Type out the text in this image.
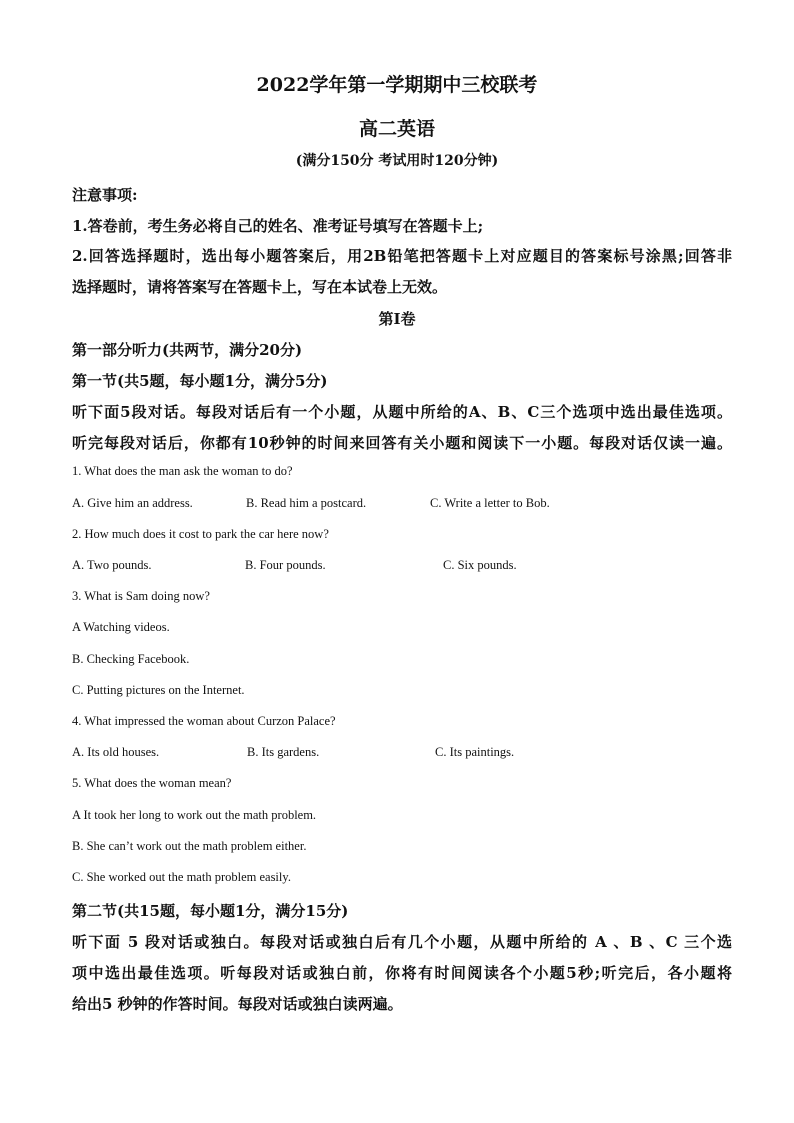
2022学年第一学期期中三校联考
高二英语
(满分150分 考试用时120分钟)
注意事项:
1.答卷前，考生务必将自己的姓名、准考证号填写在答题卡上;
2.回答选择题时，选出每小题答案后，用2B铅笔把答题卡上对应题目的答案标号涂黑;回答非
选择题时，请将答案写在答题卡上，写在本试卷上无效。
第I卷
第一部分听力(共两节，满分20分)
第一节(共5题，每小题1分，满分5分)
听下面5段对话。每段对话后有一个小题，从题中所给的A、B、C三个选项中选出最佳选项。
听完每段对话后，你都有10秒钟的时间来回答有关小题和阅读下一小题。每段对话仅读一遍。
1. What does the man ask the woman to do?
A. Give him an address.	B. Read him a postcard.	C. Write a letter to Bob.
2. How much does it cost to park the car here now?
A. Two pounds.	B. Four pounds.	C. Six pounds.
3. What is Sam doing now?
A Watching videos.
B. Checking Facebook.
C. Putting pictures on the Internet.
4. What impressed the woman about Curzon Palace?
A. Its old houses.	B. Its gardens.	C. Its paintings.
5. What does the woman mean?
A It took her long to work out the math problem.
B. She can’t work out the math problem either.
C. She worked out the math problem easily.
第二节(共15题，每小题1分，满分15分)
听下面 5 段对话或独白。每段对话或独白后有几个小题，从题中所给的 A 、B 、C 三个选
项中选出最佳选项。听每段对话或独白前，你将有时间阅读各个小题5秒;听完后，各小题将
给出5 秒钟的作答时间。每段对话或独白读两遍。
